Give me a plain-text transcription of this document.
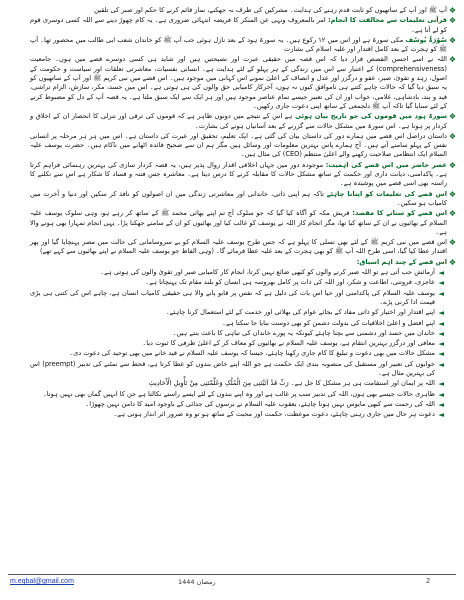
❖
آپ ﷺ اور آپ کے ساتھیوں کو ثابت قدم رہنے کی ہدایت۔ مشرکین کی طرف نہ جھکنے، نماز قائم کرنے کا حکم اور صبر کی تلقین
❖
قرآنی تعلیمات سے مخالفت کا انجام: امر بالمعروف ونہی عن المنکر کا فریضہ انتہائی ضروری ہے۔ یہ کام چھوڑ دینے سے اللہ کسی دوسری قوم کو لے آتا ہے۔
❖
سُوْرَۃُ یُوسُف مکی سورۃ ہے اور اس میں ۱۲ رکوع ہیں۔ یہ سورۃ ہود کے بعد نازل ہوئی جب آپ ﷺ کو خاندان شعب ابی طالب میں محصور تھا۔ آپ ﷺ کو ہجرت کے بعد کامل اقتدار اور غلبہ اسلام کی بشارت
❖
اللہ نے اسے احسن القصص قرار دیا کہ اس قصہ میں حقیقی عبرت اور نصیحتیں ہیں اور شاید ہی کسی دوسرے قصے میں ہوں۔ جامعیت (comprehensiveness) کے اعتبار سے اس میں زندگی کے ہر پہلو کے لئے ہدایت ہے۔ انسانی نفسیات، معاشرتی تعلقات اور سیاست و حکومت کے اصول، زہد و تقویٰ، صبر، عفو و درگزر اور عدل و انصاف کے اعلیٰ نمونے اس کہانی میں موجود ہیں۔ اس قصے میں نبی کریم ﷺ اور آپ کے ساتھیوں کو یہ سبق دیا گیا کہ حالات چاہے کتنے ہی ناموافق کیوں نہ ہوں، آخرکار کامیابی حق والوں کی ہی ہوتی ہے۔ اس میں حسد، مکر، سازش، الزام تراشی، قید و بند، بادشاہی، غلامی، خواب اور ان کی تعبیر جیسے تمام عناصر موجود ہیں اور ہر ایک سے ایک سبق ملتا ہے۔ یہ قصہ آپ کے دل کو مضبوط کرنے کے لئے سنایا گیا تاکہ آپ ﷺ دلجمعی کے ساتھ اپنی دعوت جاری رکھیں۔
❖
سورۃ ہود میں قوموں کی جو تاریخ بیان ہوئی ہے اس کے نتیجے میں دونوں ظاہر ہے کہ قوموں کی ترقی اور تنزلی کا انحصار ان کے اخلاق و کردار پر ہوتا ہے۔ اس سورۃ میں مشکل حالات سے گزرنے کے بعد آسانیاں ہونے کی بشارت۔
❖
داستان دراصل اس قصے میں ہمارے دور کی داستان بیان کی گئی ہے۔ ایک تعلیم، تحقیق اور عبرت کی داستان ہے۔ اس میں ہر ہر مرحلہ پر انسانی نفس کے پہلو سامنے آتے ہیں۔ آج ہمارے پاس بہترین معلومات اور وسائل ہیں مگر ہم ان سے صحیح فائدہ اٹھانے میں ناکام ہیں۔ حضرت یوسف علیہ السلام ایک انتظامی صلاحیت رکھنے والے اعلیٰ منتظم (CEO) کی مثال ہیں۔
❖
عصر حاضر میں اس قصے کی اہمیت: موجودہ دور میں جہاں اخلاقی اقدار زوال پذیر ہیں، یہ قصہ کردار سازی کی بہترین رہنمائی فراہم کرتا ہے۔ پاکدامنی، دیانت داری اور حکمت کے ساتھ مشکل حالات کا مقابلہ کرنے کا درس دیتا ہے۔ معاشرہ جس فتنہ و فساد کا شکار ہے اس سے نکلنے کا راستہ بھی اسی قصے میں پوشیدہ ہے۔
❖
اس قصے کی تعلیمات کو اپنانا چاہئے تاکہ ہم اپنی ذاتی، خاندانی اور معاشرتی زندگی میں ان اصولوں کو نافذ کر سکیں اور دنیا و آخرت میں کامیاب ہو سکیں۔
❖
اس قصے کو سنانے کا مقصد: قریش مکہ کو آگاہ کیا گیا کہ جو سلوک آج تم اپنے بھائی محمد ﷺ کے ساتھ کر رہے ہو، وہی سلوک یوسف علیہ السلام کے بھائیوں نے ان کے ساتھ کیا تھا، مگر انجام کار اللہ نے یوسف کو غالب کیا اور بھائیوں کو ان کے سامنے جھکنا پڑا۔ یہی انجام تمہارا بھی ہونے والا ہے۔
❖
اس قصے میں نبی کریم ﷺ کے لئے بھی تسلی کا پہلو ہے کہ جس طرح یوسف علیہ السلام کو بے سروسامانی کی حالت میں مصر پہنچایا گیا اور پھر اقتدار عطا کیا گیا، اسی طرح اللہ آپ ﷺ کو بھی ہجرت کے بعد غلبہ عطا فرمائے گا۔ (وہی الفاظ جو یوسف علیہ السلام نے اپنے بھائیوں سے کہے تھے)
❖
اس قصے کے چند اہم اسباق:
◄
آزمائش جب آتی ہے تو اللہ صبر کرنے والوں کو کبھی ضائع نہیں کرتا، انجام کار کامیابی صبر اور تقویٰ والوں کی ہوتی ہے۔
◄
عاجزی، فروتنی، اطاعت و شکر، اور اللہ کی ذات پر کامل بھروسہ ہی انسان کو بلند مقام تک پہنچاتا ہے۔
◄
یوسف علیہ السلام کی پاکدامنی اور حیا اس بات کی دلیل ہے کہ نفس پر قابو پانے والا ہی حقیقی کامیاب انسان ہے، چاہے اس کی کتنی ہی بڑی قیمت ادا کرنی پڑے۔
◄
اپنے اقتدار اور اختیار کو ذاتی مفاد کے بجائے عوام کی بھلائی اور خدمت کے لئے استعمال کرنا چاہئے۔
◄
اپنے افضل و اعلیٰ اخلاقیات کی بدولت دشمن کو بھی دوست بنایا جا سکتا ہے۔
◄
خاندان میں حسد اور دشمنی سے بچنا چاہئے کیونکہ یہ پورے خاندان کی تباہی کا باعث بنتے ہیں۔
◄
معافی اور درگزر بہترین انتقام ہے، یوسف علیہ السلام نے بھائیوں کو معاف کر کے اعلیٰ ظرفی کا ثبوت دیا۔
◄
مشکل حالات میں بھی دعوت و تبلیغ کا کام جاری رکھنا چاہئے، جیسا کہ یوسف علیہ السلام نے قید خانے میں بھی توحید کی دعوت دی۔
◄
خوابوں کی تعبیر اور مستقبل کی منصوبہ بندی ایک حکمت ہے جو اللہ اپنے خاص بندوں کو عطا کرتا ہے، قحط سے نمٹنے کی تدبیر (preempt) اس کی بہترین مثال ہے۔
◄
اللہ پر ایمان اور استقامت ہی ہر مشکل کا حل ہے۔ رَبِّ قَدْ آتَیْتَنِی مِنَ الْمُلْکِ وَعَلَّمْتَنِی مِنْ تَأْوِیلِ الْأَحَادِیثِ
◄
ظاہری حالات جیسے بھی ہوں، اللہ کی تدبیر سب پر غالب ہے اور وہ اپنے بندوں کے لئے ایسے راستے نکالتا ہے جن کا انہیں گمان بھی نہیں ہوتا۔
◄
اللہ کی رحمت سے کبھی مایوس نہیں ہونا چاہئے، یعقوب علیہ السلام نے برسوں کی جدائی کے باوجود امید کا دامن نہیں چھوڑا۔
◄
دعوت ہر حال میں جاری رہنی چاہئے، دعوت موعظت، حکمت اور محبت کے ساتھ ہو تو وہ ضرور اثر انداز ہوتی ہے۔
m.eqbal@gmail.com	رمضان 1444	2
